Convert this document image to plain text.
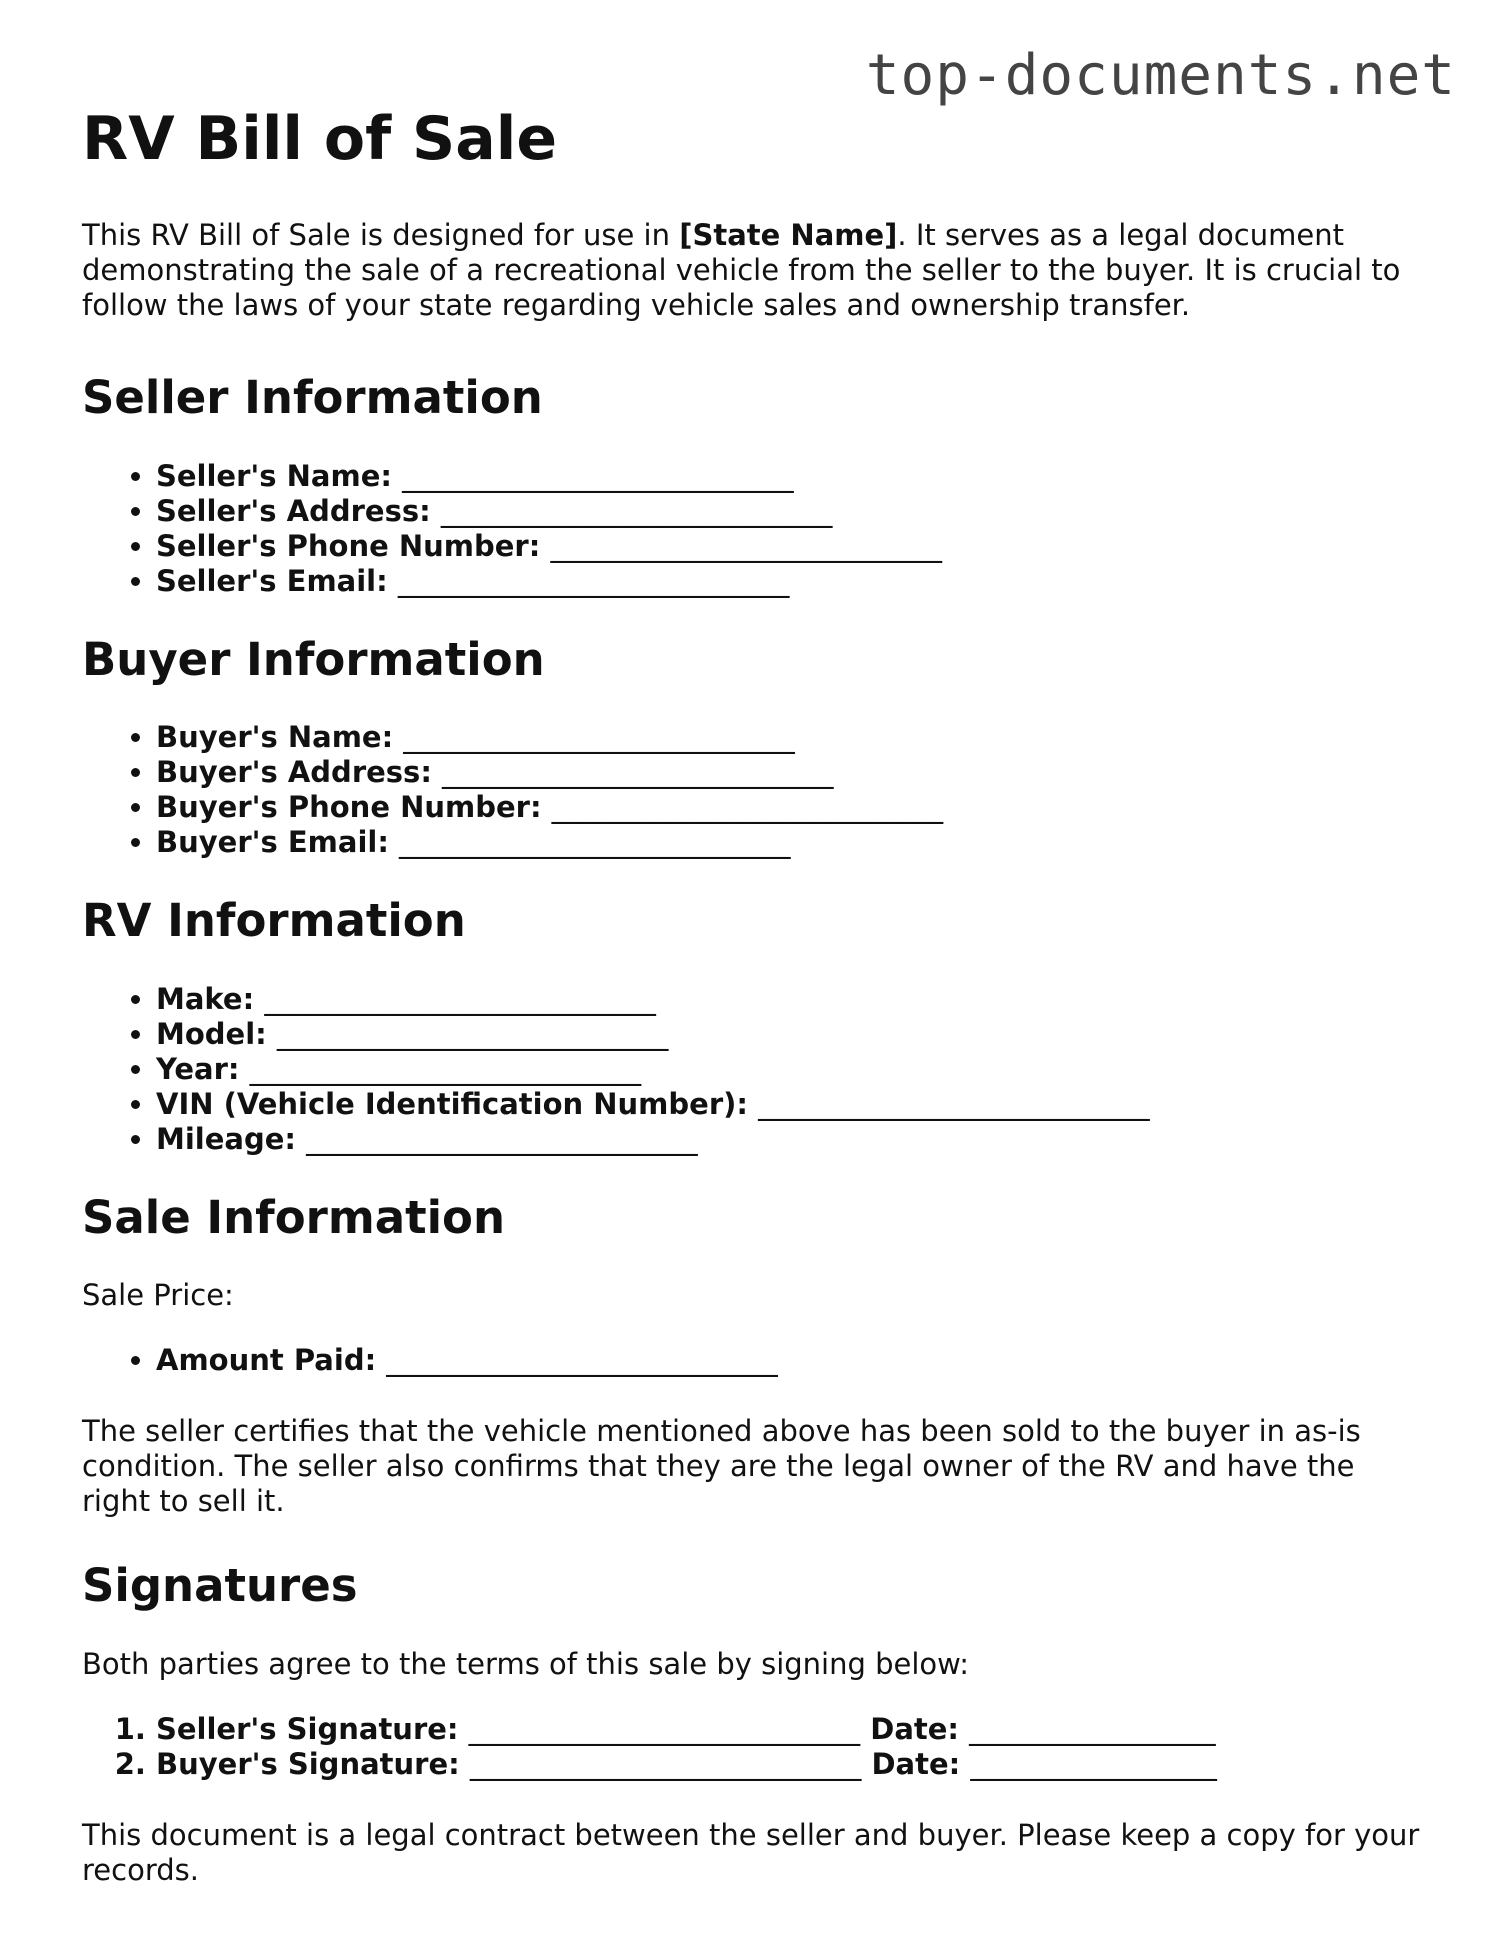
top-documents.net
RV Bill of Sale

This RV Bill of Sale is designed for use in [State Name]. It serves as a legal document demonstrating the sale of a recreational vehicle from the seller to the buyer. It is crucial to follow the laws of your state regarding vehicle sales and ownership transfer.

Seller Information
• Seller's Name: ___________________________
• Seller's Address: ___________________________
• Seller's Phone Number: ___________________________
• Seller's Email: ___________________________
Buyer Information
• Buyer's Name: ___________________________
• Buyer's Address: ___________________________
• Buyer's Phone Number: ___________________________
• Buyer's Email: ___________________________
RV Information
• Make: ___________________________
• Model: ___________________________
• Year: ___________________________
• VIN (Vehicle Identification Number): ___________________________
• Mileage: ___________________________
Sale Information

Sale Price:

• Amount Paid: ___________________________

The seller certifies that the vehicle mentioned above has been sold to the buyer in as-is condition. The seller also confirms that they are the legal owner of the RV and have the right to sell it.

Signatures

Both parties agree to the terms of this sale by signing below:

1. Seller's Signature: ___________________________ Date: _________________
2. Buyer's Signature: ___________________________ Date: _________________

This document is a legal contract between the seller and buyer. Please keep a copy for your records.
